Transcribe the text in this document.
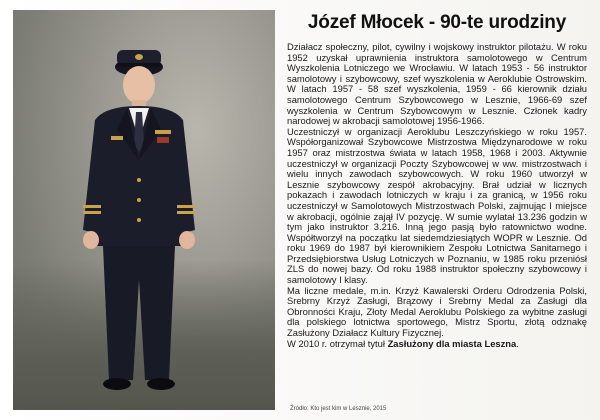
Józef Młocek - 90-te urodziny

Działacz społeczny, pilot, cywilny i wojskowy instruktor pilotażu. W roku 1952 uzyskał uprawnienia instruktora samolotowego w Centrum Wyszkolenia Lotniczego we Wrocławiu. W latach 1953 - 56 instruktor samolotowy i szybowcowy, szef wyszkolenia w Aeroklubie Ostrowskim. W latach 1957 - 58 szef wyszkolenia, 1959 - 66 kierownik działu samolotowego Centrum Szybowcowego w Lesznie, 1966-69 szef wyszkolenia w Centrum Szybowcowym w Lesznie. Członek kadry narodowej w akrobacji samolotowej 1956-1966.

Uczestniczył w organizacji Aeroklubu Leszczyńskiego w roku 1957. Współorganizował Szybowcowe Mistrzostwa Międzynarodowe w roku 1957 oraz mistrzostwa świata w latach 1958, 1968 i 2003. Aktywnie uczestniczył w organizacji Poczty Szybowcowej w ww. mistrzostwach i wielu innych zawodach szybowcowych. W roku 1960 utworzył w Lesznie szybowcowy zespół akrobacyjny. Brał udział w licznych pokazach i zawodach lotniczych w kraju i za granicą, w 1956 roku uczestniczył w Samolotowych Mistrzostwach Polski, zajmując I miejsce w akrobacji, ogólnie zajął IV pozycję. W sumie wylatał 13.236 godzin w tym jako instruktor 3.216. Inną jego pasją było ratownictwo wodne. Współtworzył na początku lat siedemdziesiątych WOPR w Lesznie. Od roku 1969 do 1987 był kierownikiem Zespołu Lotnictwa Sanitarnego i Przedsiębiorstwa Usług Lotniczych w Poznaniu, w 1985 roku przeniósł ZLS do nowej bazy. Od roku 1988 instruktor społeczny szybowcowy i samolotowy I klasy.

Ma liczne medale, m.in. Krzyż Kawalerski Orderu Odrodzenia Polski, Srebrny Krzyż Zasługi, Brązowy i Srebrny Medal za Zasługi dla Obronności Kraju, Złoty Medal Aeroklubu Polskiego za wybitne zasługi dla polskiego lotnictwa sportowego, Mistrz Sportu, złotą odznakę Zasłużony Działacz Kultury Fizycznej.

W 2010 r. otrzymał tytuł Zasłużony dla miasta Leszna.

Źródło: Kto jest kim w Lesznie, 2015
